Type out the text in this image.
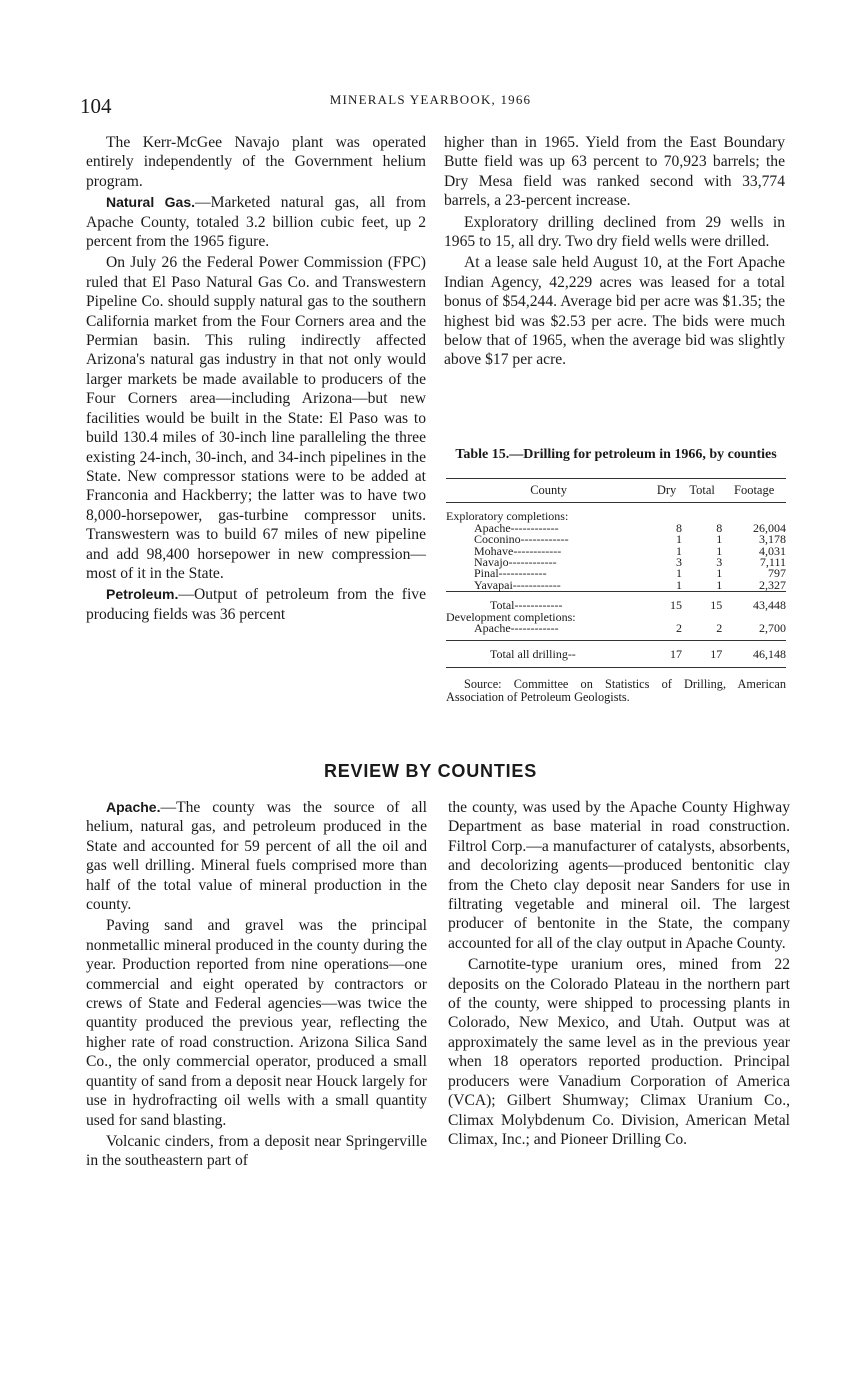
104	MINERALS YEARBOOK, 1966

The Kerr-McGee Navajo plant was operated entirely independently of the Government helium program.

Natural Gas.—Marketed natural gas, all from Apache County, totaled 3.2 billion cubic feet, up 2 percent from the 1965 figure.

On July 26 the Federal Power Commission (FPC) ruled that El Paso Natural Gas Co. and Transwestern Pipeline Co. should supply natural gas to the southern California market from the Four Corners area and the Permian basin. This ruling indirectly affected Arizona's natural gas industry in that not only would larger markets be made available to producers of the Four Corners area—including Arizona—but new facilities would be built in the State: El Paso was to build 130.4 miles of 30-inch line paralleling the three existing 24-inch, 30-inch, and 34-inch pipelines in the State. New compressor stations were to be added at Franconia and Hackberry; the latter was to have two 8,000-horsepower, gas-turbine compressor units. Transwestern was to build 67 miles of new pipeline and add 98,400 horsepower in new compression—most of it in the State.

Petroleum.—Output of petroleum from the five producing fields was 36 percent

higher than in 1965. Yield from the East Boundary Butte field was up 63 percent to 70,923 barrels; the Dry Mesa field was ranked second with 33,774 barrels, a 23-percent increase.

Exploratory drilling declined from 29 wells in 1965 to 15, all dry. Two dry field wells were drilled.

At a lease sale held August 10, at the Fort Apache Indian Agency, 42,229 acres was leased for a total bonus of $54,244. Average bid per acre was $1.35; the highest bid was $2.53 per acre. The bids were much below that of 1965, when the average bid was slightly above $17 per acre.

Table 15.—Drilling for petroleum in 1966, by counties
County	Dry	Total	Footage
Exploratory completions:			
Apache -----	8	8	26,004
Coconino -----	1	1	3,178
Mohave -----	1	1	4,031
Navajo -----	3	3	7,111
Pinal -----	1	1	797
Yavapai -----	1	1	2,327
Total -----	15	15	43,448
Development completions:			
Apache -----	2	2	2,700
Total all drilling--	17	17	46,148
Source: Committee on Statistics of Drilling, American Association of Petroleum Geologists.
REVIEW BY COUNTIES

Apache.—The county was the source of all helium, natural gas, and petroleum produced in the State and accounted for 59 percent of all the oil and gas well drilling. Mineral fuels comprised more than half of the total value of mineral production in the county.

Paving sand and gravel was the principal nonmetallic mineral produced in the county during the year. Production reported from nine operations—one commercial and eight operated by contractors or crews of State and Federal agencies—was twice the quantity produced the previous year, reflecting the higher rate of road construction. Arizona Silica Sand Co., the only commercial operator, produced a small quantity of sand from a deposit near Houck largely for use in hydrofracting oil wells with a small quantity used for sand blasting.

Volcanic cinders, from a deposit near Springerville in the southeastern part of

the county, was used by the Apache County Highway Department as base material in road construction. Filtrol Corp.—a manufacturer of catalysts, absorbents, and decolorizing agents—produced bentonitic clay from the Cheto clay deposit near Sanders for use in filtrating vegetable and mineral oil. The largest producer of bentonite in the State, the company accounted for all of the clay output in Apache County.

Carnotite-type uranium ores, mined from 22 deposits on the Colorado Plateau in the northern part of the county, were shipped to processing plants in Colorado, New Mexico, and Utah. Output was at approximately the same level as in the previous year when 18 operators reported production. Principal producers were Vanadium Corporation of America (VCA); Gilbert Shumway; Climax Uranium Co., Climax Molybdenum Co. Division, American Metal Climax, Inc.; and Pioneer Drilling Co.
